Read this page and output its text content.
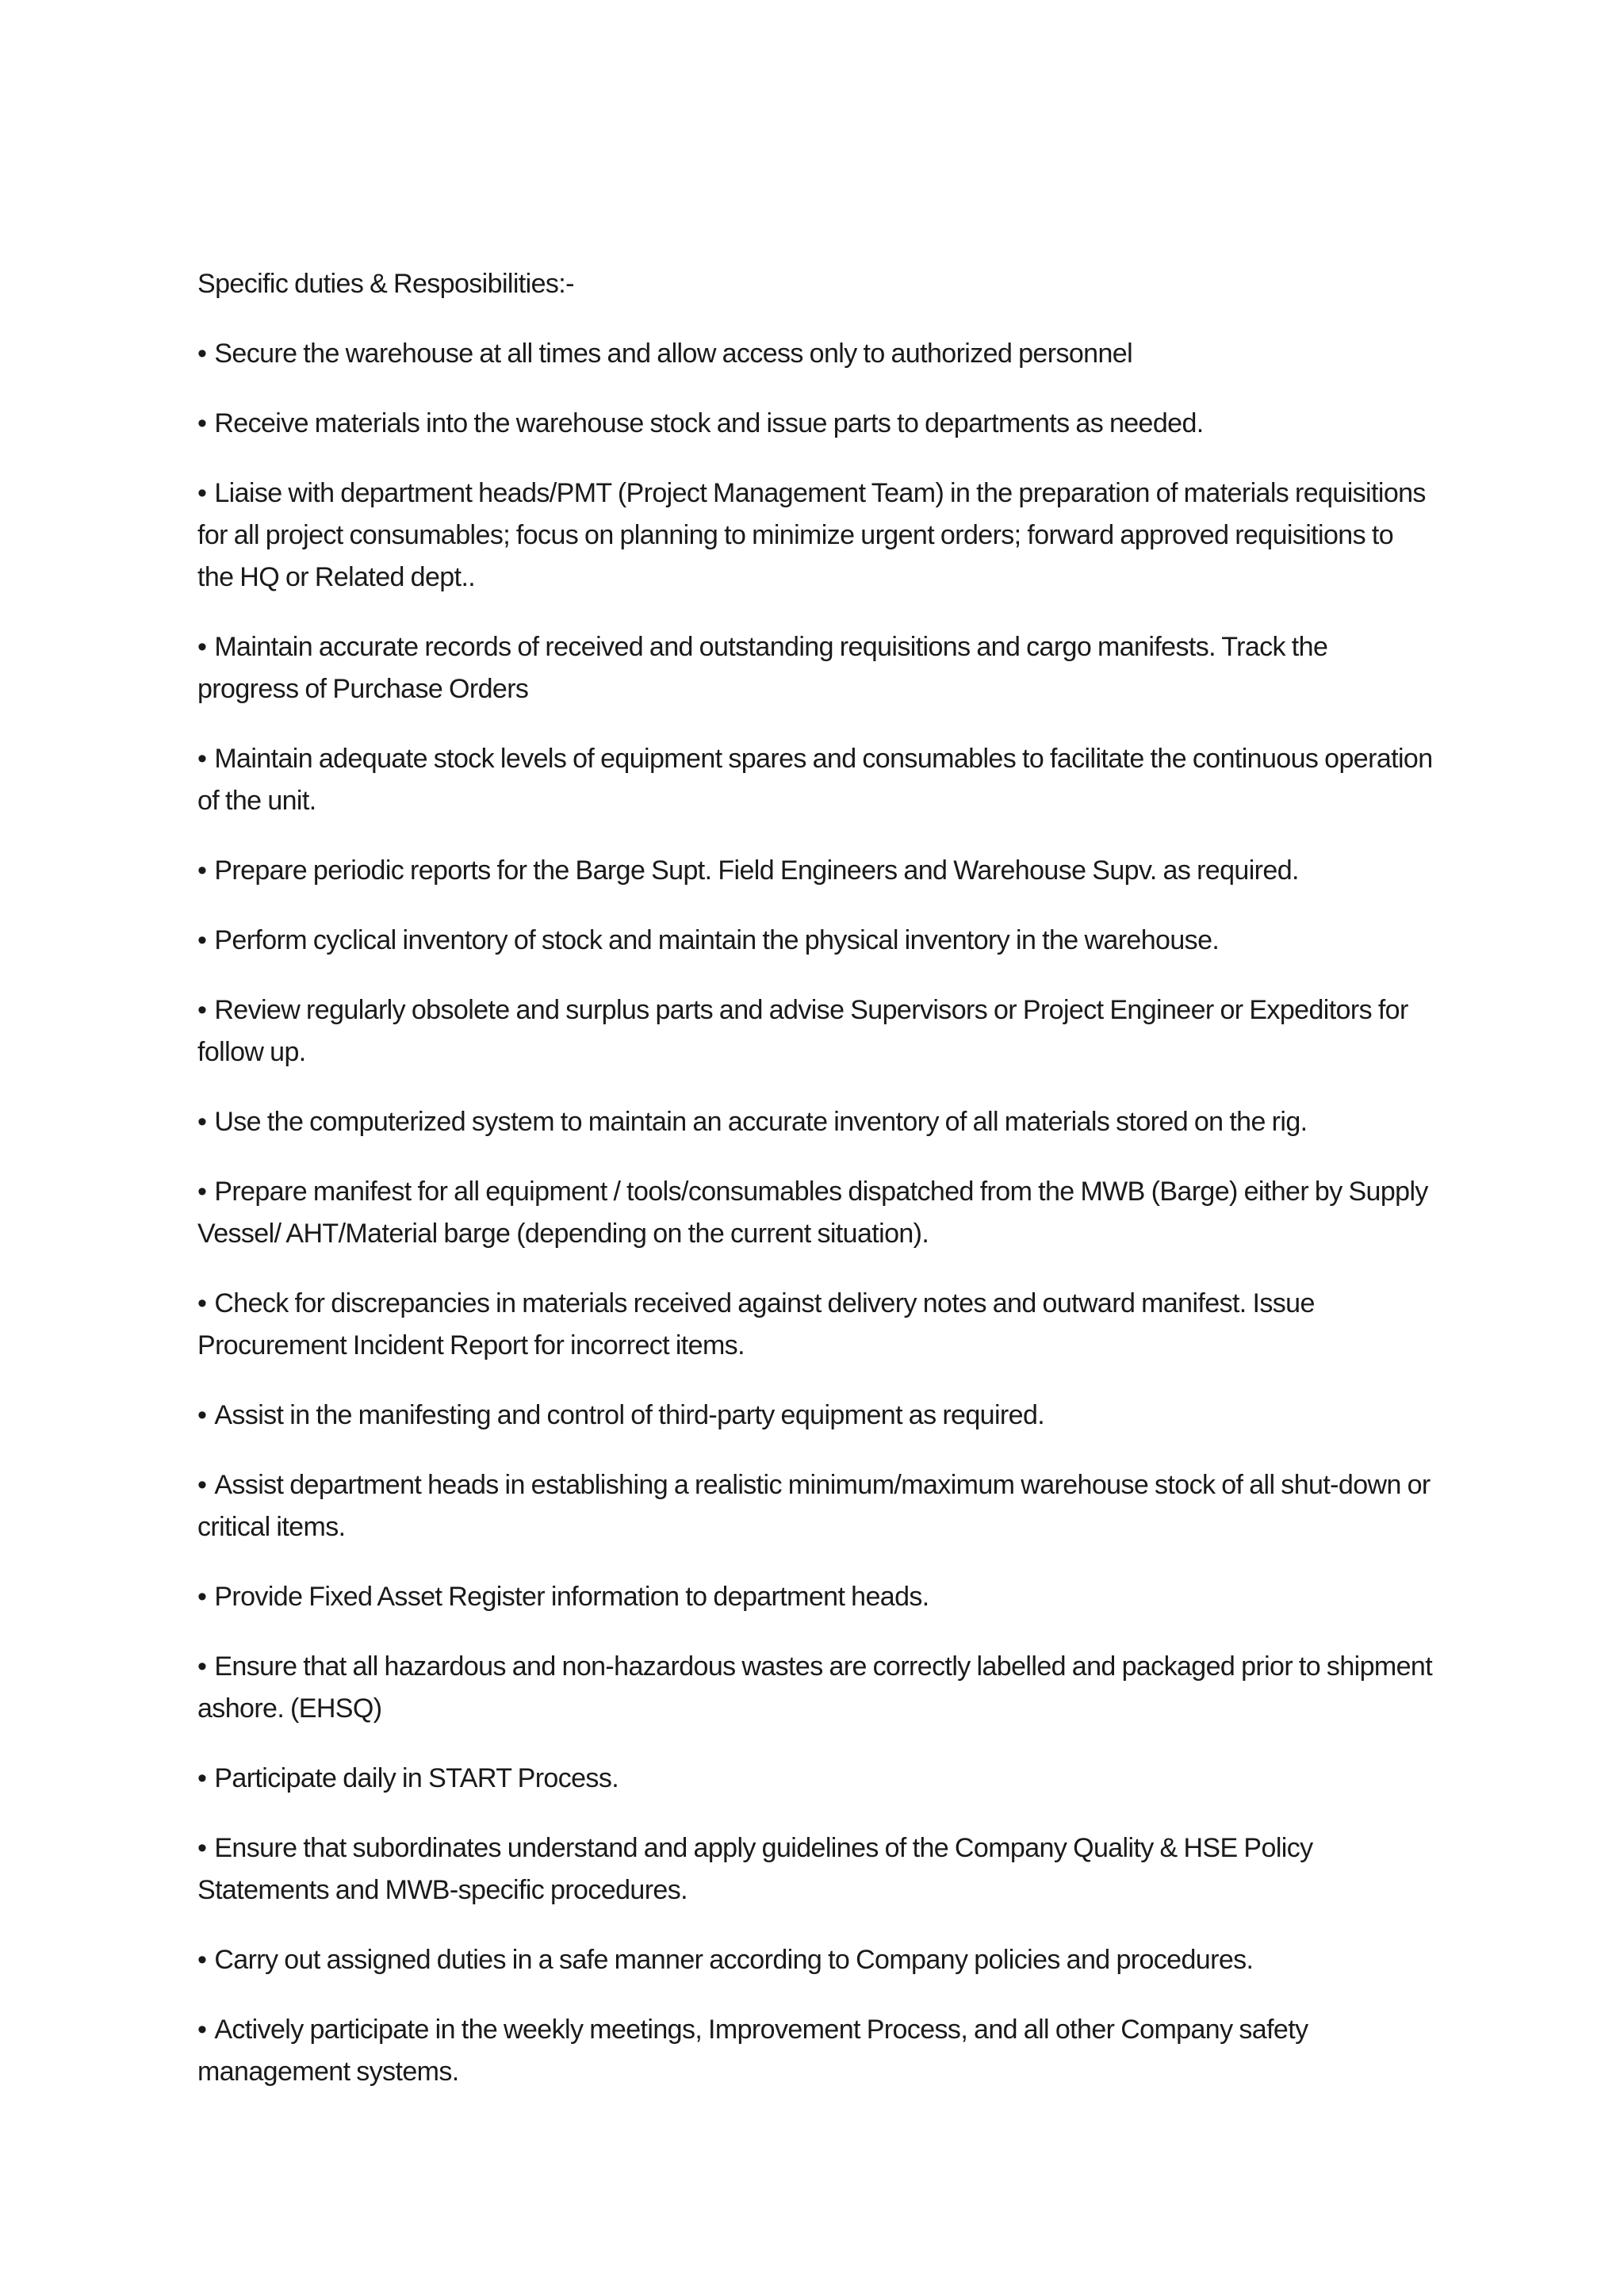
Specific duties & Resposibilities:-

• Secure the warehouse at all times and allow access only to authorized personnel

• Receive materials into the warehouse stock and issue parts to departments as needed.

• Liaise with department heads/PMT (Project Management Team) in the preparation of materials requisitions for all project consumables; focus on planning to minimize urgent orders; forward approved requisitions to the HQ or Related dept..

• Maintain accurate records of received and outstanding requisitions and cargo manifests. Track the progress of Purchase Orders

• Maintain adequate stock levels of equipment spares and consumables to facilitate the continuous operation of the unit.

• Prepare periodic reports for the Barge Supt. Field Engineers and Warehouse Supv. as required.

• Perform cyclical inventory of stock and maintain the physical inventory in the warehouse.

• Review regularly obsolete and surplus parts and advise Supervisors or Project Engineer or Expeditors for follow up.

• Use the computerized system to maintain an accurate inventory of all materials stored on the rig.

• Prepare manifest for all equipment / tools/consumables dispatched from the MWB (Barge) either by Supply Vessel/ AHT/Material barge (depending on the current situation).

• Check for discrepancies in materials received against delivery notes and outward manifest. Issue Procurement Incident Report for incorrect items.

• Assist in the manifesting and control of third-party equipment as required.

• Assist department heads in establishing a realistic minimum/maximum warehouse stock of all shut-down or critical items.

• Provide Fixed Asset Register information to department heads.

• Ensure that all hazardous and non-hazardous wastes are correctly labelled and packaged prior to shipment ashore. (EHSQ)

• Participate daily in START Process.

• Ensure that subordinates understand and apply guidelines of the Company Quality & HSE Policy Statements and MWB-specific procedures.

• Carry out assigned duties in a safe manner according to Company policies and procedures.

• Actively participate in the weekly meetings, Improvement Process, and all other Company safety management systems.
